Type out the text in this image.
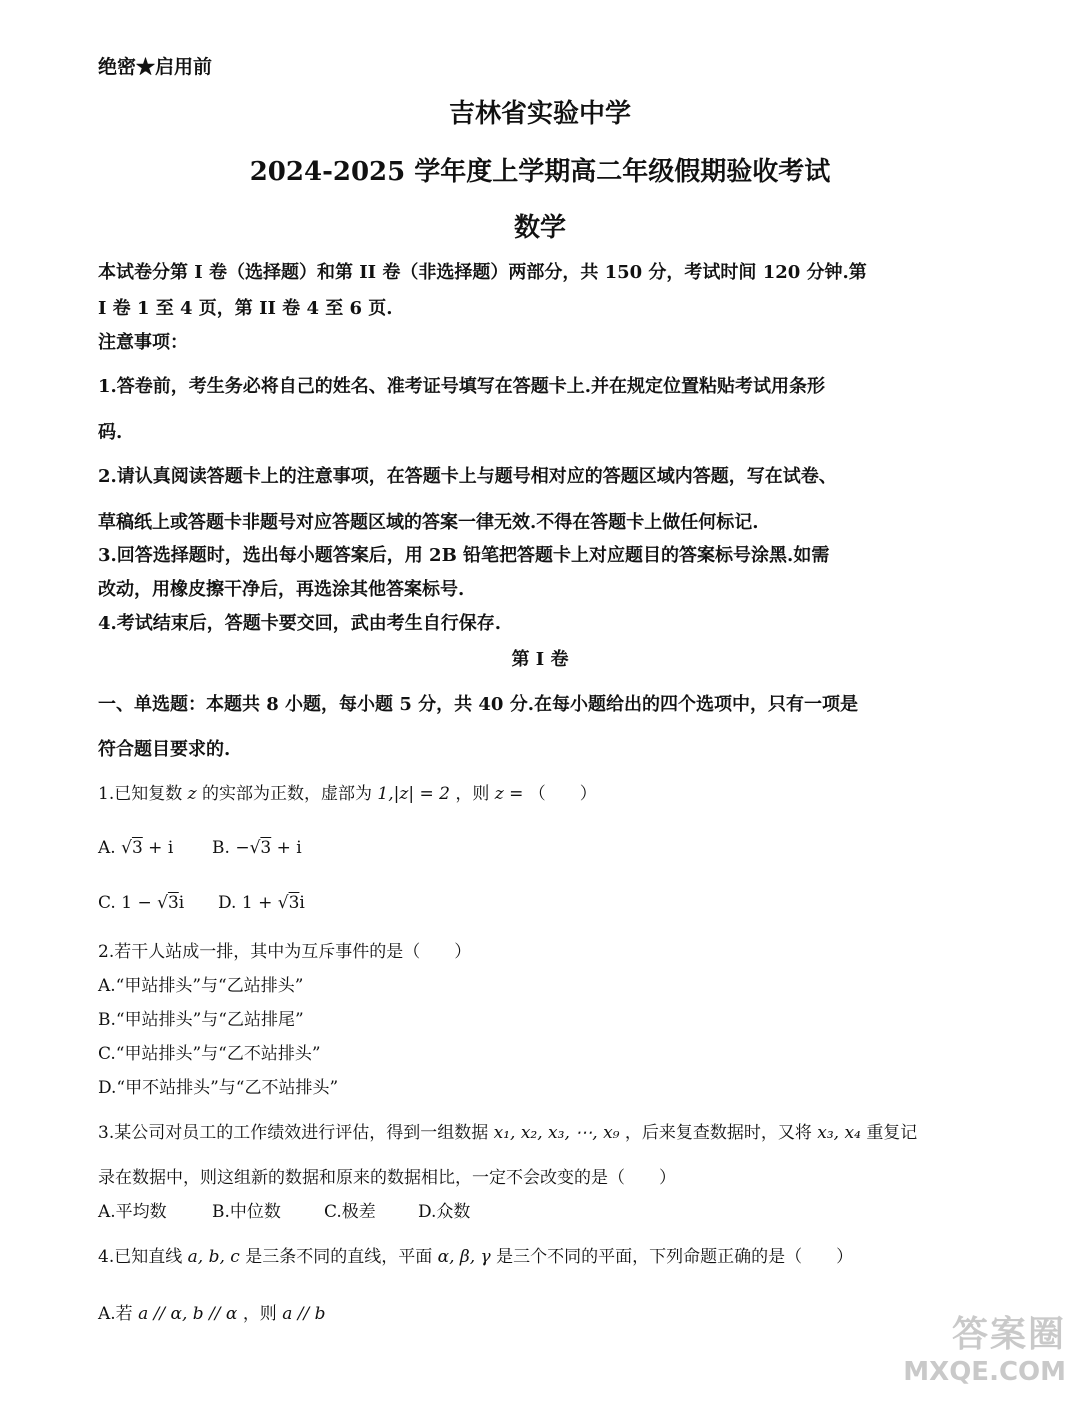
绝密★启用前
吉林省实验中学
2024-2025 学年度上学期高二年级假期验收考试
数学
本试卷分第 I 卷（选择题）和第 II 卷（非选择题）两部分，共 150 分，考试时间 120 分钟.第
I 卷 1 至 4 页，第 II 卷 4 至 6 页.
注意事项：
1.答卷前，考生务必将自己的姓名、准考证号填写在答题卡上.并在规定位置粘贴考试用条形
码.
2.请认真阅读答题卡上的注意事项，在答题卡上与题号相对应的答题区域内答题，写在试卷、
草稿纸上或答题卡非题号对应答题区域的答案一律无效.不得在答题卡上做任何标记.
3.回答选择题时，选出每小题答案后，用 2B 铅笔把答题卡上对应题目的答案标号涂黑.如需
改动，用橡皮擦干净后，再选涂其他答案标号.
4.考试结束后，答题卡要交回，武由考生自行保存.
第 I 卷
一、单选题：本题共 8 小题，每小题 5 分，共 40 分.在每小题给出的四个选项中，只有一项是
符合题目要求的.
1.已知复数 z 的实部为正数，虚部为 1,|z| = 2 ，则 z = （　　）
A. √3 + i B. −√3 + i
C. 1 − √3i D. 1 + √3i
2.若干人站成一排，其中为互斥事件的是（　　）
A.“甲站排头”与“乙站排头”
B.“甲站排头”与“乙站排尾”
C.“甲站排头”与“乙不站排头”
D.“甲不站排头”与“乙不站排头”
3.某公司对员工的工作绩效进行评估，得到一组数据 x₁, x₂, x₃, ⋯, x₉ ，后来复查数据时，又将 x₃, x₄ 重复记
录在数据中，则这组新的数据和原来的数据相比，一定不会改变的是（　　）
A.平均数	B.中位数	C.极差 D.众数
4.已知直线 a, b, c 是三条不同的直线，平面 α, β, γ 是三个不同的平面，下列命题正确的是（　　）
A.若 a // α, b // α ，则 a // b	答案圈
MXQE.COM
